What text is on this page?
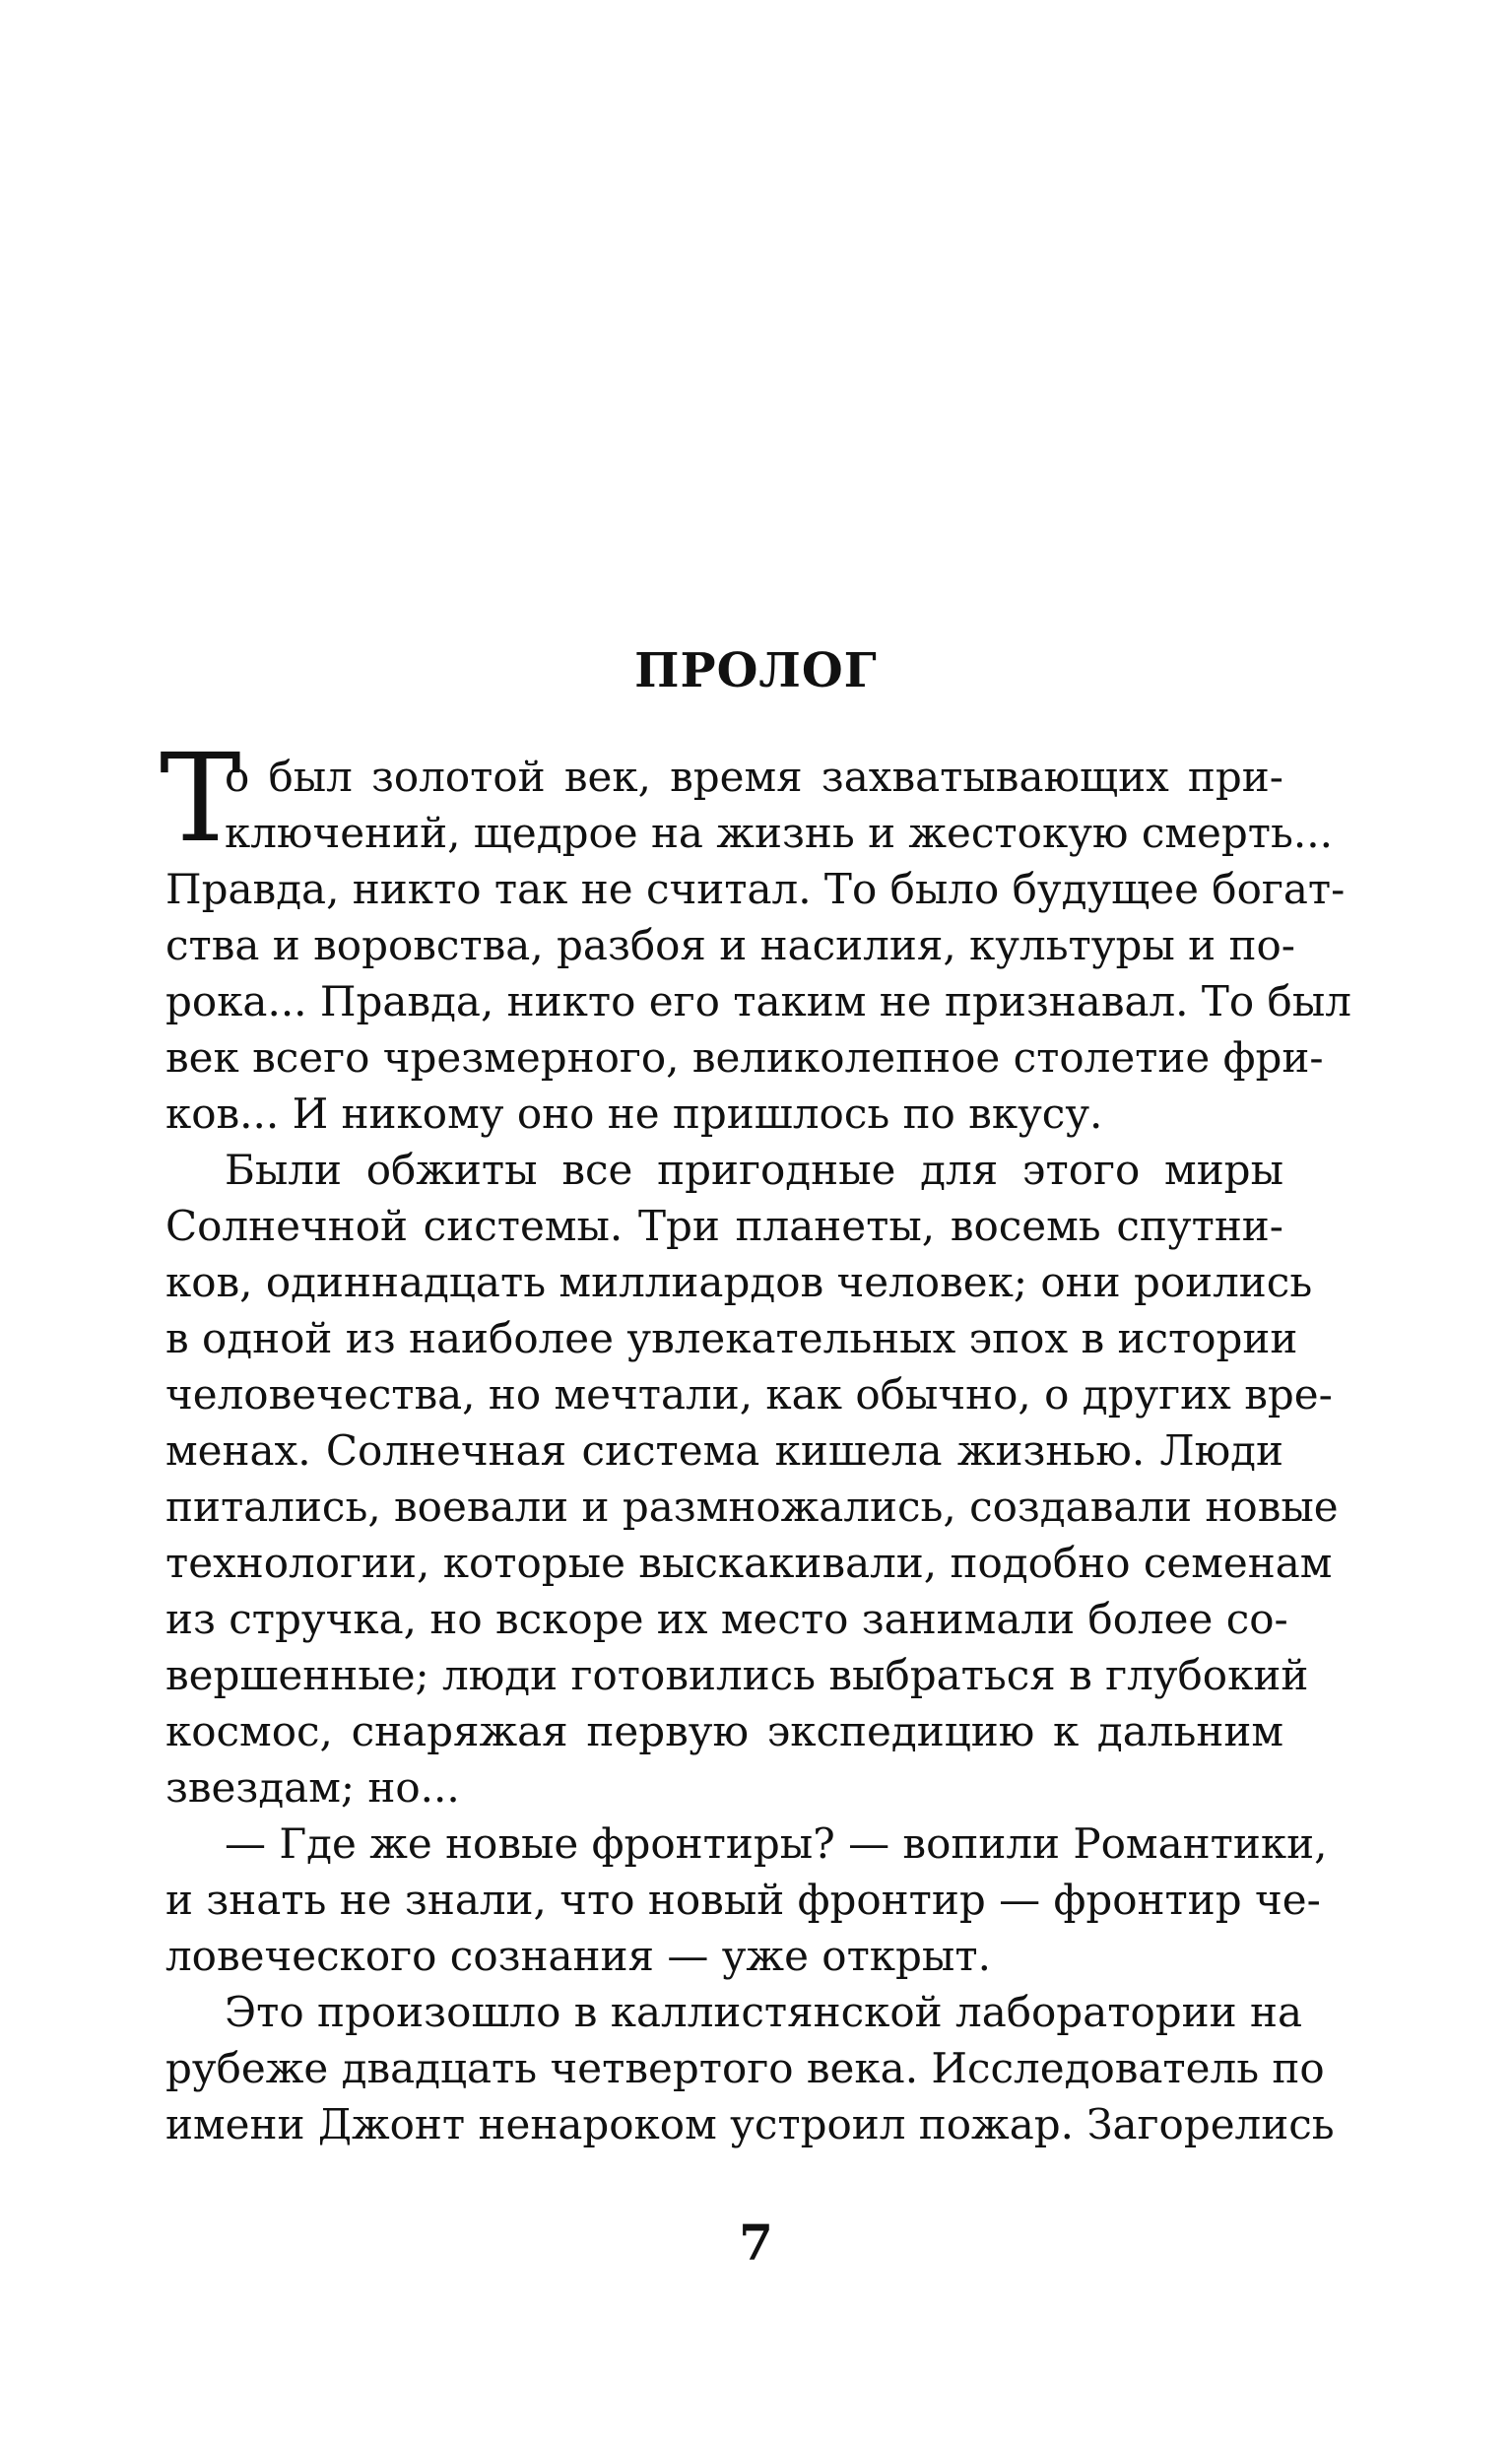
ПРОЛОГ
Т
о был золотой век, время захватывающих при-
ключений, щедрое на жизнь и жестокую смерть...
Правда, никто так не считал. То было будущее богат-
ства и воровства, разбоя и насилия, культуры и по-
рока... Правда, никто его таким не признавал. То был
век всего чрезмерного, великолепное столетие фри-
ков... И никому оно не пришлось по вкусу.
Были обжиты все пригодные для этого миры
Солнечной системы. Три планеты, восемь спутни-
ков, одиннадцать миллиардов человек; они роились
в одной из наиболее увлекательных эпох в истории
человечества, но мечтали, как обычно, о других вре-
менах. Солнечная система кишела жизнью. Люди
питались, воевали и размножались, создавали новые
технологии, которые выскакивали, подобно семенам
из стручка, но вскоре их место занимали более со-
вершенные; люди готовились выбраться в глубокий
космос, снаряжая первую экспедицию к дальним
звездам; но...
— Где же новые фронтиры? — вопили Романтики,
и знать не знали, что новый фронтир — фронтир че-
ловеческого сознания — уже открыт.
Это произошло в каллистянской лаборатории на
рубеже двадцать четвертого века. Исследователь по
имени Джонт ненароком устроил пожар. Загорелись
7
